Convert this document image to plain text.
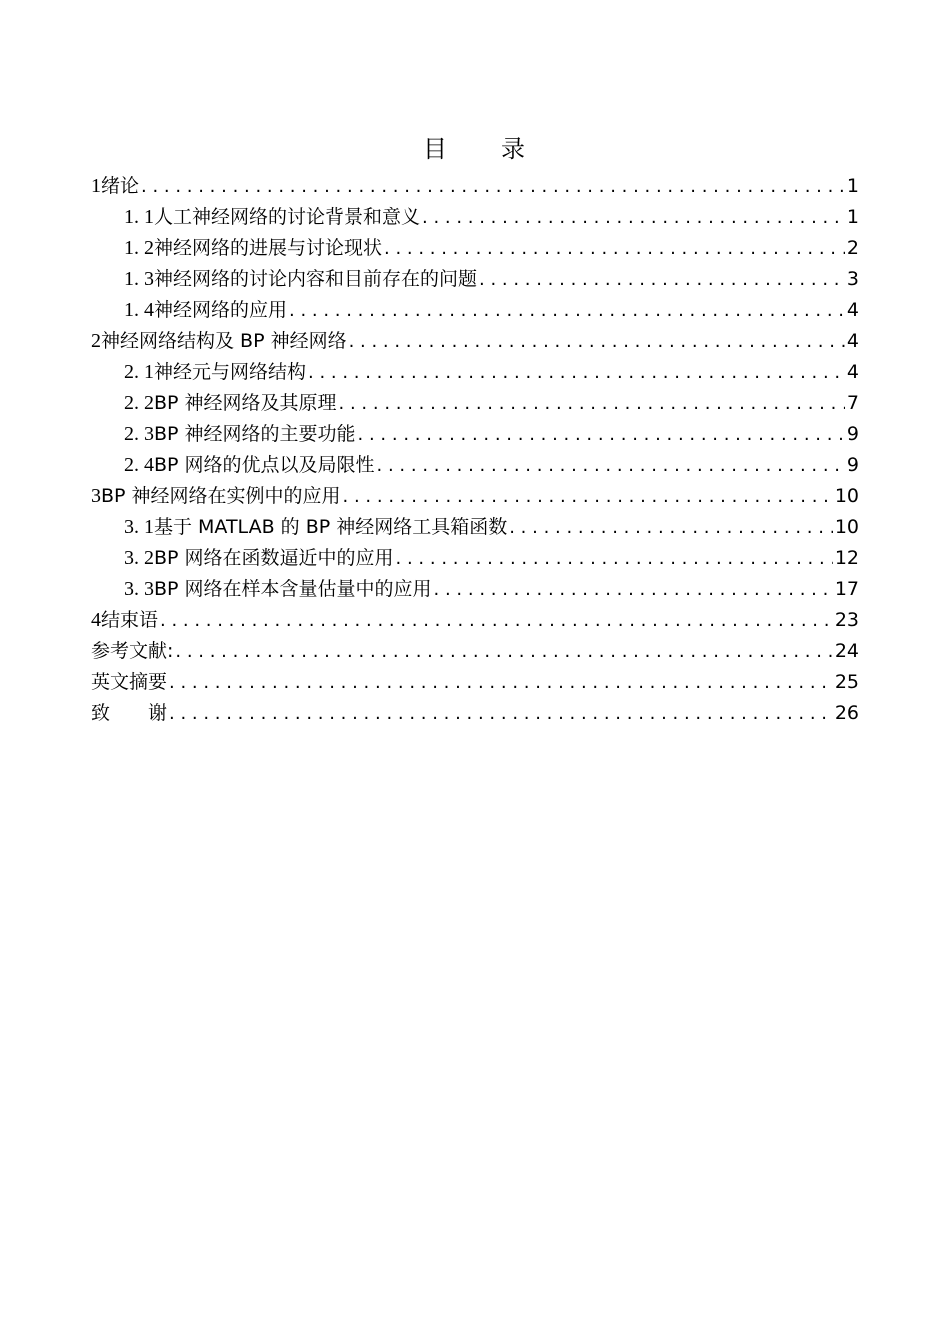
目　　录
1 绪论 . . .	1
1. 1 人工神经网络的讨论背景和意义 . . .	1
1. 2 神经网络的进展与讨论现状 . . .	2
1. 3 神经网络的讨论内容和目前存在的问题 . . .	3
1. 4 神经网络的应用 . . .	4
2 神经网络结构及 BP 神经网络 . . .	4
2. 1 神经元与网络结构 . . .	4
2. 2 BP 神经网络及其原理 . . .	7
2. 3 BP 神经网络的主要功能 . . .	9
2. 4 BP 网络的优点以及局限性 . . .	9
3 BP 神经网络在实例中的应用 . . .	10
3. 1 基于 MATLAB 的 BP 神经网络工具箱函数 . . .	10
3. 2 BP 网络在函数逼近中的应用 . . .	12
3. 3 BP 网络在样本含量估量中的应用 . . .	17
4 结束语 . . .	23
参考文献: . . .	24
英文摘要 . . .	25
致　　谢 . . .	26
